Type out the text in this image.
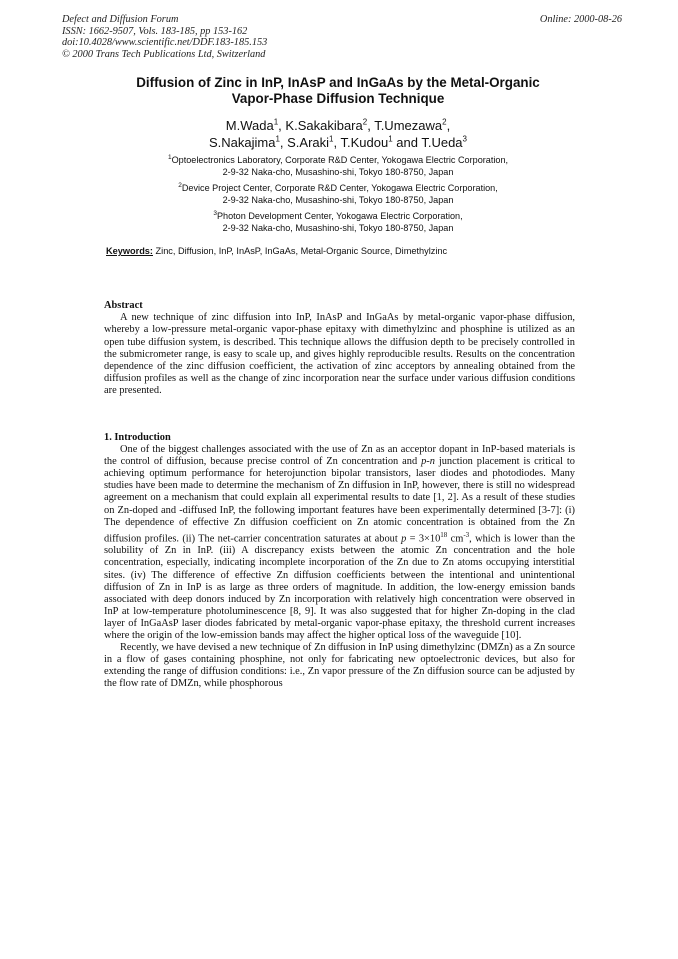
Defect and Diffusion Forum
ISSN: 1662-9507, Vols. 183-185, pp 153-162
doi:10.4028/www.scientific.net/DDF.183-185.153
© 2000 Trans Tech Publications Ltd, Switzerland
Online: 2000-08-26
Diffusion of Zinc in InP, InAsP and InGaAs by the Metal-Organic
Vapor-Phase Diffusion Technique
M.Wada$^1$, K.Sakakibara$^2$, T.Umezawa$^2$,
S.Nakajima$^1$, S.Araki$^1$, T.Kudou$^1$ and T.Ueda$^3$
$^1$Optoelectronics Laboratory, Corporate R&D Center, Yokogawa Electric Corporation,
2-9-32 Naka-cho, Musashino-shi, Tokyo 180-8750, Japan
$^2$Device Project Center, Corporate R&D Center, Yokogawa Electric Corporation,
2-9-32 Naka-cho, Musashino-shi, Tokyo 180-8750, Japan
$^3$Photon Development Center, Yokogawa Electric Corporation,
2-9-32 Naka-cho, Musashino-shi, Tokyo 180-8750, Japan
Keywords: Zinc, Diffusion, InP, InAsP, InGaAs, Metal-Organic Source, Dimethylzinc
Abstract

A new technique of zinc diffusion into InP, InAsP and InGaAs by metal-organic vapor-phase diffusion, whereby a low-pressure metal-organic vapor-phase epitaxy with dimethylzinc and phosphine is utilized as an open tube diffusion system, is described. This technique allows the diffusion depth to be precisely controlled in the submicrometer range, is easy to scale up, and gives highly reproducible results. Results on the concentration dependence of the zinc diffusion coefficient, the activation of zinc acceptors by annealing obtained from the diffusion profiles as well as the change of zinc incorporation near the surface under various diffusion conditions are presented.

1. Introduction

One of the biggest challenges associated with the use of Zn as an acceptor dopant in InP-based materials is the control of diffusion, because precise control of Zn concentration and p-n junction placement is critical to achieving optimum performance for heterojunction bipolar transistors, laser diodes and photodiodes. Many studies have been made to determine the mechanism of Zn diffusion in InP, however, there is still no widespread agreement on a mechanism that could explain all experimental results to date [1, 2]. As a result of these studies on Zn-doped and -diffused InP, the following important features have been experimentally determined [3-7]: (i) The dependence of effective Zn diffusion coefficient on Zn atomic concentration is obtained from the Zn diffusion profiles. (ii) The net-carrier concentration saturates at about $p = 3\times 10^{18}$ $cm^{-3}$, which is lower than the solubility of Zn in InP. (iii) A discrepancy exists between the atomic Zn concentration and the hole concentration, especially, indicating incomplete incorporation of the Zn due to Zn atoms occupying interstitial sites. (iv) The difference of effective Zn diffusion coefficients between the intentional and unintentional diffusion of Zn in InP is as large as three orders of magnitude. In addition, the low-energy emission bands associated with deep donors induced by Zn incorporation with relatively high concentration were observed in InP at low-temperature photoluminescence [8, 9]. It was also suggested that for higher Zn-doping in the clad layer of InGaAsP laser diodes fabricated by metal-organic vapor-phase epitaxy, the threshold current increases where the origin of the low-emission bands may affect the higher optical loss of the waveguide [10].

Recently, we have devised a new technique of Zn diffusion in InP using dimethylzinc (DMZn) as a Zn source in a flow of gases containing phosphine, not only for fabricating new optoelectronic devices, but also for extending the range of diffusion conditions: i.e., Zn vapor pressure of the Zn diffusion source can be adjusted by the flow rate of DMZn, while phosphorous
